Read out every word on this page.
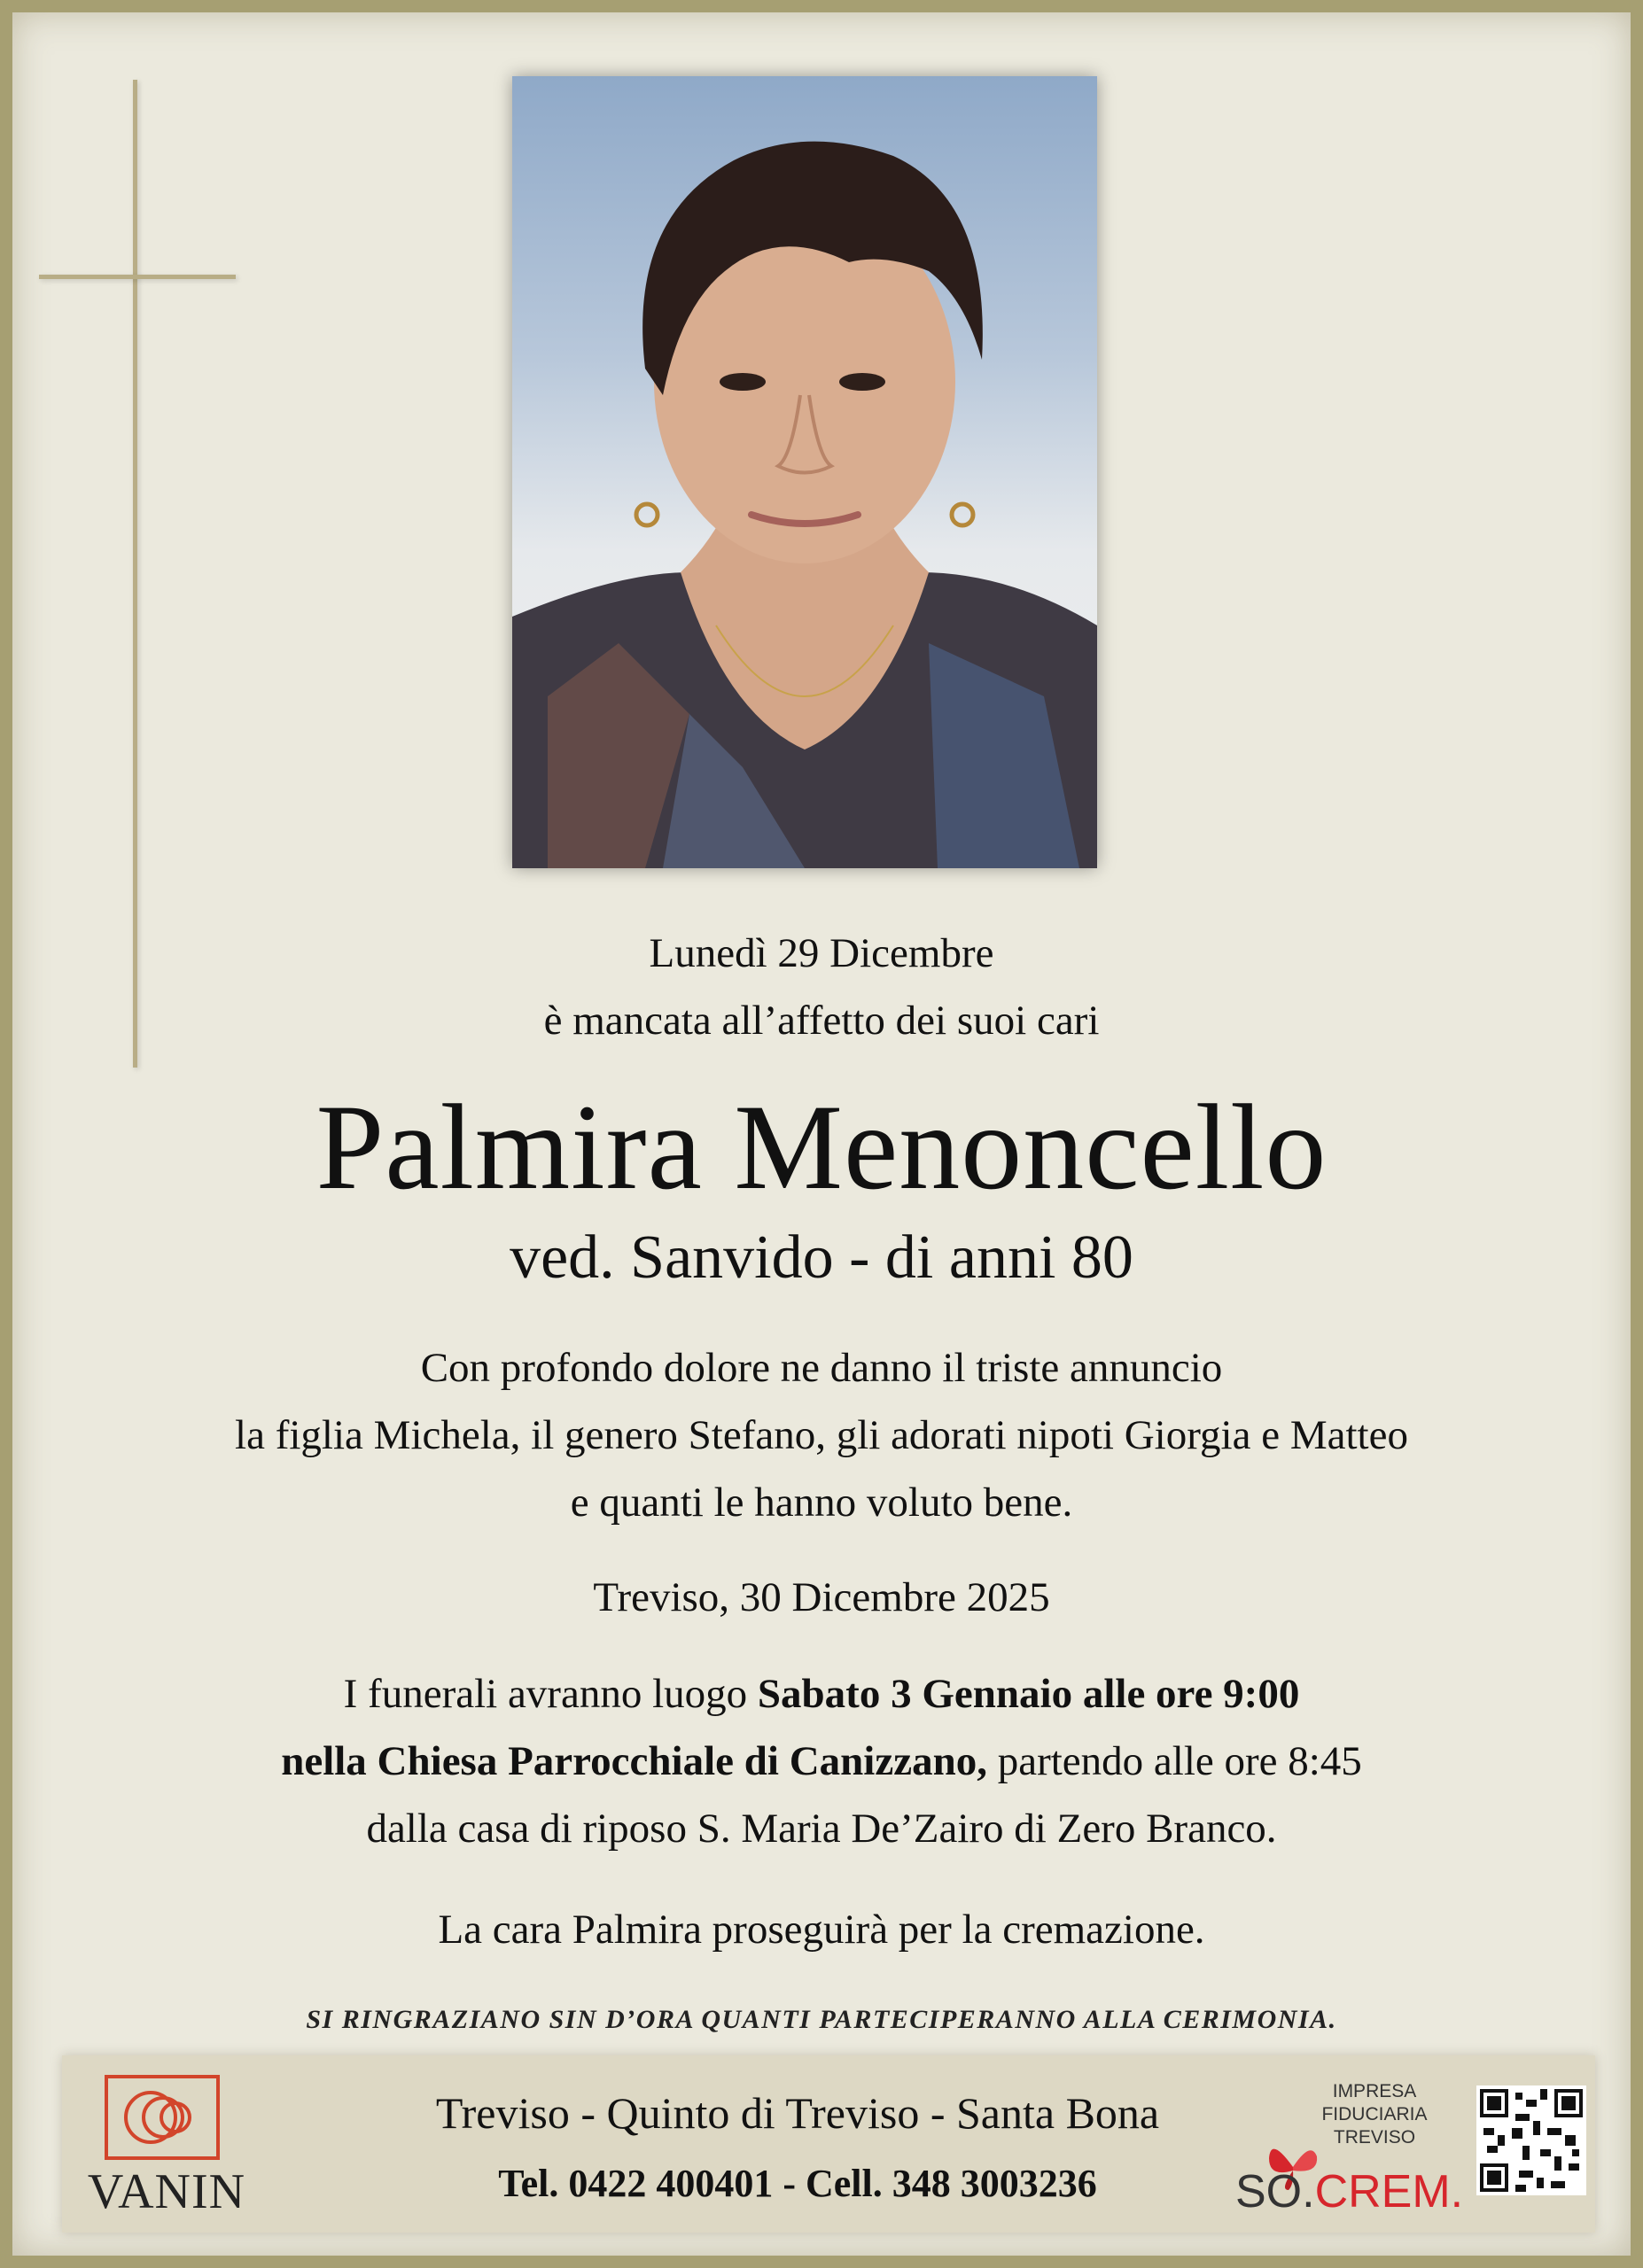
Lunedì 29 Dicembre
è mancata all’affetto dei suoi cari
Palmira Menoncello
ved. Sanvido - di anni 80
Con profondo dolore ne danno il triste annuncio
la figlia Michela, il genero Stefano, gli adorati nipoti Giorgia e Matteo
e quanti le hanno voluto bene.
Treviso, 30 Dicembre 2025
I funerali avranno luogo Sabato 3 Gennaio alle ore 9:00
nella Chiesa Parrocchiale di Canizzano, partendo alle ore 8:45
dalla casa di riposo S. Maria De’Zairo di Zero Branco.
La cara Palmira proseguirà per la cremazione.
SI RINGRAZIANO SIN D’ORA QUANTI PARTECIPERANNO ALLA CERIMONIA.
VANIN
Treviso - Quinto di Treviso - Santa Bona
Tel. 0422 400401 - Cell. 348 3003236
IMPRESA
FIDUCIARIA
TREVISO
SO.CREM.
